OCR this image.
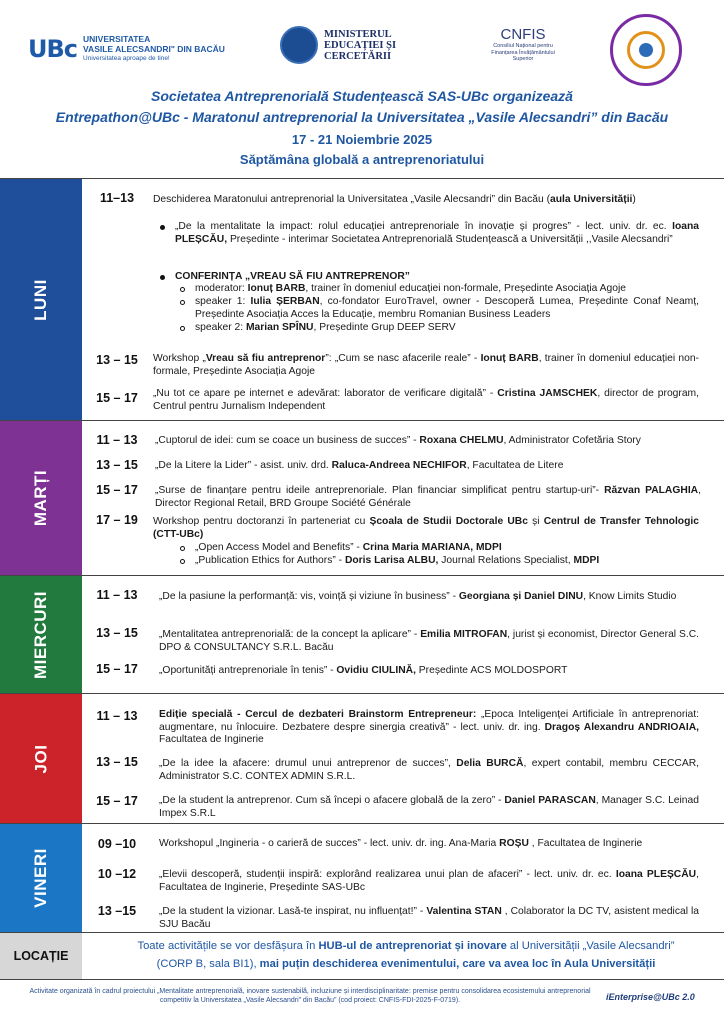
UBc UNIVERSITATEA
VASILE ALECSANDRI" DIN BACĂU
Universitatea aproape de tine!
MINISTERUL
EDUCAȚIEI ȘI
CERCETĂRII
CNFIS
Consiliul Național pentru
Finanțarea Învățământului
Superior
Societatea Antreprenorială Studențească SAS-UBc organizează
Entrepathon@UBc - Maratonul antreprenorial la Universitatea „Vasile Alecsandri” din Bacău
17 - 21 Noiembrie 2025
Săptămâna globală a antreprenoriatului
LUNI
11–13	Deschiderea Maratonului antreprenorial la Universitatea „Vasile Alecsandri” din Bacău (aula Universității)
„De la mentalitate la impact: rolul educației antreprenoriale în inovație și progres” - lect. univ. dr. ec. Ioana PLEȘCĂU, Președinte - interimar Societatea Antreprenorială Studențească a Universității ,,Vasile Alecsandri”
CONFERINȚA „VREAU SĂ FIU ANTREPRENOR”
moderator: Ionuț BARB, trainer în domeniul educației non-formale, Președinte Asociația Agoje
speaker 1: Iulia ȘERBAN, co-fondator EuroTravel, owner - Descoperă Lumea, Președinte Conaf Neamț, Președinte Asociația Acces la Educație, membru Romanian Business Leaders
speaker 2: Marian SPÎNU, Președinte Grup DEEP SERV
13 – 15	Workshop „Vreau să fiu antreprenor”: „Cum se nasc afacerile reale” - Ionuț BARB, trainer în domeniul educației non-formale, Președinte Asociația Agoje
15 – 17	„Nu tot ce apare pe internet e adevărat: laborator de verificare digitală” - Cristina JAMSCHEK, director de program, Centrul pentru Jurnalism Independent
MARȚI
11 – 13	„Cuptorul de idei: cum se coace un business de succes” - Roxana CHELMU, Administrator Cofetăria Story
13 – 15	„De la Litere la Lider” - asist. univ. drd. Raluca-Andreea NECHIFOR, Facultatea de Litere
15 – 17	„Surse de finanțare pentru ideile antreprenoriale. Plan financiar simplificat pentru startup-uri”- Răzvan PALAGHIA, Director Regional Retail, BRD Groupe Société Générale
17 – 19	Workshop pentru doctoranzi în parteneriat cu Școala de Studii Doctorale UBc și Centrul de Transfer Tehnologic (CTT-UBc)
„Open Access Model and Benefits” - Crina Maria MARIANA, MDPI
„Publication Ethics for Authors” - Doris Larisa ALBU, Journal Relations Specialist, MDPI
MIERCURI	11 – 13	„De la pasiune la performanță: vis, voință și viziune în business” - Georgiana și Daniel DINU, Know Limits Studio
13 – 15	„Mentalitatea antreprenorială: de la concept la aplicare” - Emilia MITROFAN, jurist și economist, Director General S.C. DPO & CONSULTANCY S.R.L. Bacău
15 – 17	„Oportunități antreprenoriale în tenis” - Ovidiu CIULINĂ, Președinte ACS MOLDOSPORT
JOI
11 – 13	Ediție specială - Cercul de dezbateri Brainstorm Entrepreneur: „Epoca Inteligenței Artificiale în antreprenoriat: augmentare, nu înlocuire. Dezbatere despre sinergia creativă” - lect. univ. dr. ing. Dragoș Alexandru ANDRIOAIA, Facultatea de Inginerie
13 – 15	„De la idee la afacere: drumul unui antreprenor de succes”, Delia BURCĂ, expert contabil, membru CECCAR, Administrator S.C. CONTEX ADMIN S.R.L.
15 – 17	„De la student la antreprenor. Cum să începi o afacere globală de la zero” - Daniel PARASCAN, Manager S.C. Leinad Impex S.R.L
VINERI
09 –10	Workshopul „Ingineria - o carieră de succes” - lect. univ. dr. ing. Ana-Maria ROȘU , Facultatea de Inginerie
10 –12	„Elevii descoperă, studenții inspiră: explorând realizarea unui plan de afaceri” - lect. univ. dr. ec. Ioana PLEȘCĂU, Facultatea de Inginerie, Președinte SAS-UBc
13 –15	„De la student la vizionar. Lasă-te inspirat, nu influențat!” - Valentina STAN , Colaborator la DC TV, asistent medical la SJU Bacău
LOCAȚIE
Toate activitățile se vor desfășura în HUB-ul de antreprenoriat și inovare al Universității „Vasile Alecsandri”
(CORP B, sala BI1), mai puțin deschiderea evenimentului, care va avea loc în Aula Universității
Activitate organizată în cadrul proiectului „Mentalitate antreprenorială, inovare sustenabilă, incluziune și interdisciplinaritate: premise pentru consolidarea ecosistemului antreprenorial competitiv la Universitatea „Vasile Alecsandri” din Bacău” (cod proiect: CNFIS-FDI-2025-F-0719).	iEnterprise@UBc 2.0
